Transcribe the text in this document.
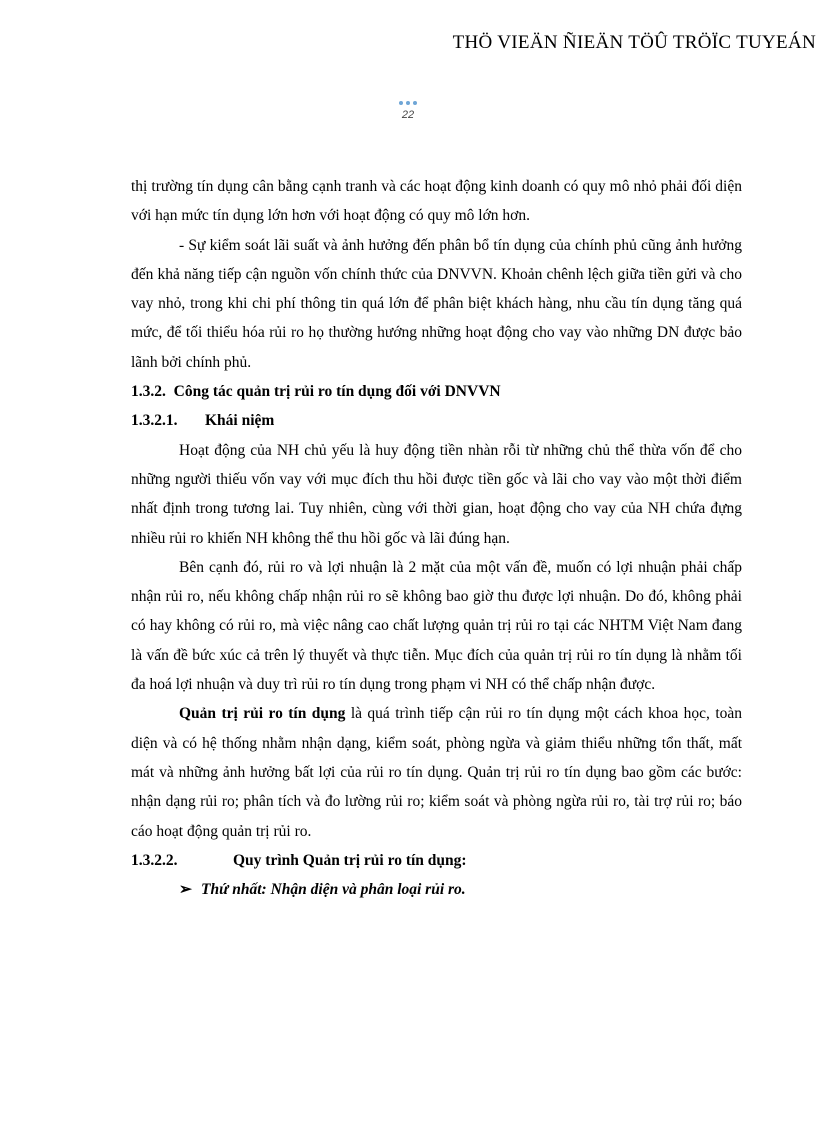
THÖ VIEÄN ÑIEÄN TÖÛ TRÖÏC TUYEÁN
22

thị trường tín dụng cân bằng cạnh tranh và các hoạt động kinh doanh có quy mô nhỏ phải đối diện với hạn mức tín dụng lớn hơn với hoạt động có quy mô lớn hơn.

- Sự kiểm soát lãi suất và ảnh hưởng đến phân bổ tín dụng của chính phủ cũng ảnh hưởng đến khả năng tiếp cận nguồn vốn chính thức của DNVVN. Khoản chênh lệch giữa tiền gửi và cho vay nhỏ, trong khi chi phí thông tin quá lớn để phân biệt khách hàng, nhu cầu tín dụng tăng quá mức, để tối thiểu hóa rủi ro họ thường hướng những hoạt động cho vay vào những DN được bảo lãnh bởi chính phủ.

1.3.2. Công tác quản trị rủi ro tín dụng đối với DNVVN

1.3.2.1. Khái niệm

Hoạt động của NH chủ yếu là huy động tiền nhàn rỗi từ những chủ thể thừa vốn để cho những người thiếu vốn vay với mục đích thu hồi được tiền gốc và lãi cho vay vào một thời điểm nhất định trong tương lai. Tuy nhiên, cùng với thời gian, hoạt động cho vay của NH chứa đựng nhiều rủi ro khiến NH không thể thu hồi gốc và lãi đúng hạn.

Bên cạnh đó, rủi ro và lợi nhuận là 2 mặt của một vấn đề, muốn có lợi nhuận phải chấp nhận rủi ro, nếu không chấp nhận rủi ro sẽ không bao giờ thu được lợi nhuận. Do đó, không phải có hay không có rủi ro, mà việc nâng cao chất lượng quản trị rủi ro tại các NHTM Việt Nam đang là vấn đề bức xúc cả trên lý thuyết và thực tiễn. Mục đích của quản trị rủi ro tín dụng là nhằm tối đa hoá lợi nhuận và duy trì rủi ro tín dụng trong phạm vi NH có thể chấp nhận được.

Quản trị rủi ro tín dụng là quá trình tiếp cận rủi ro tín dụng một cách khoa học, toàn diện và có hệ thống nhằm nhận dạng, kiểm soát, phòng ngừa và giảm thiểu những tổn thất, mất mát và những ảnh hưởng bất lợi của rủi ro tín dụng. Quản trị rủi ro tín dụng bao gồm các bước: nhận dạng rủi ro; phân tích và đo lường rủi ro; kiểm soát và phòng ngừa rủi ro, tài trợ rủi ro; báo cáo hoạt động quản trị rủi ro.

1.3.2.2.	Quy trình Quản trị rủi ro tín dụng:

➢ Thứ nhất: Nhận diện và phân loại rủi ro.
